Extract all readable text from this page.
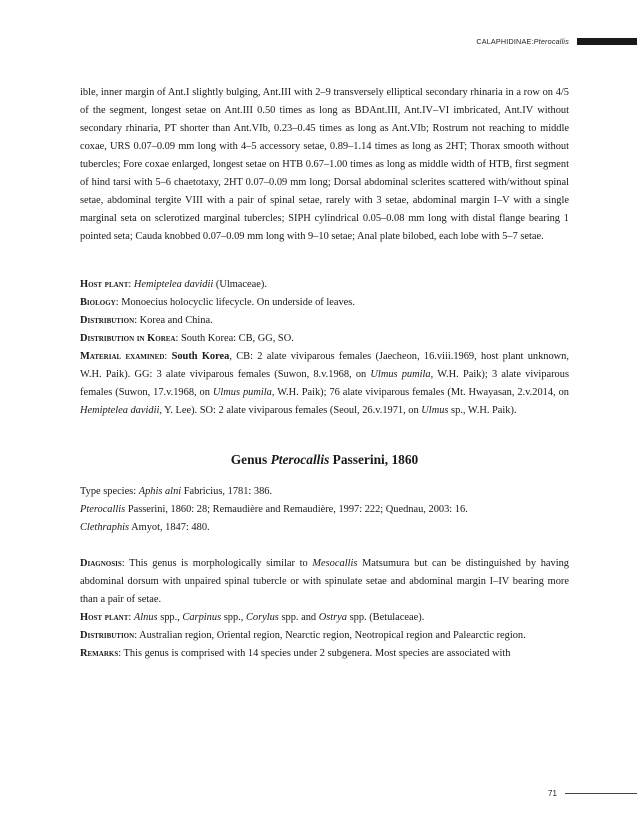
CALAPHIDINAE: Pterocallis

ible, inner margin of Ant.I slightly bulging, Ant.III with 2–9 transversely elliptical secondary rhinaria in a row on 4/5 of the segment, longest setae on Ant.III 0.50 times as long as BDAnt.III, Ant.IV–VI imbricated, Ant.IV without secondary rhinaria, PT shorter than Ant.VIb, 0.23–0.45 times as long as Ant.VIb; Rostrum not reaching to middle coxae, URS 0.07–0.09 mm long with 4–5 accessory setae, 0.89–1.14 times as long as 2HT; Thorax smooth without tubercles; Fore coxae enlarged, longest setae on HTB 0.67–1.00 times as long as middle width of HTB, first segment of hind tarsi with 5–6 chaetotaxy, 2HT 0.07–0.09 mm long; Dorsal abdominal sclerites scattered with/without spinal setae, abdominal tergite VIII with a pair of spinal setae, rarely with 3 setae, abdominal margin I–V with a single marginal seta on sclerotized marginal tubercles; SIPH cylindrical 0.05–0.08 mm long with distal flange bearing 1 pointed seta; Cauda knobbed 0.07–0.09 mm long with 9–10 setae; Anal plate bilobed, each lobe with 5–7 setae.

Host plant: Hemiptelea davidii (Ulmaceae).

Biology: Monoecius holocyclic lifecycle. On underside of leaves.

Distribution: Korea and China.

Distribution in Korea: South Korea: CB, GG, SO.

Material examined: South Korea, CB: 2 alate viviparous females (Jaecheon, 16.viii.1969, host plant unknown, W.H. Paik). GG: 3 alate viviparous females (Suwon, 8.v.1968, on Ulmus pumila, W.H. Paik); 3 alate viviparous females (Suwon, 17.v.1968, on Ulmus pumila, W.H. Paik); 76 alate viviparous females (Mt. Hwayasan, 2.v.2014, on Hemiptelea davidii, Y. Lee). SO: 2 alate viviparous females (Seoul, 26.v.1971, on Ulmus sp., W.H. Paik).

Genus Pterocallis Passerini, 1860

Type species: Aphis alni Fabricius, 1781: 386.

Pterocallis Passerini, 1860: 28; Remaudière and Remaudière, 1997: 222; Quednau, 2003: 16.

Clethraphis Amyot, 1847: 480.

Diagnosis: This genus is morphologically similar to Mesocallis Matsumura but can be distinguished by having abdominal dorsum with unpaired spinal tubercle or with spinulate setae and abdominal margin I–IV bearing more than a pair of setae.

Host plant: Alnus spp., Carpinus spp., Corylus spp. and Ostrya spp. (Betulaceae).

Distribution: Australian region, Oriental region, Nearctic region, Neotropical region and Palearctic region.

Remarks: This genus is comprised with 14 species under 2 subgenera. Most species are associated with

71
